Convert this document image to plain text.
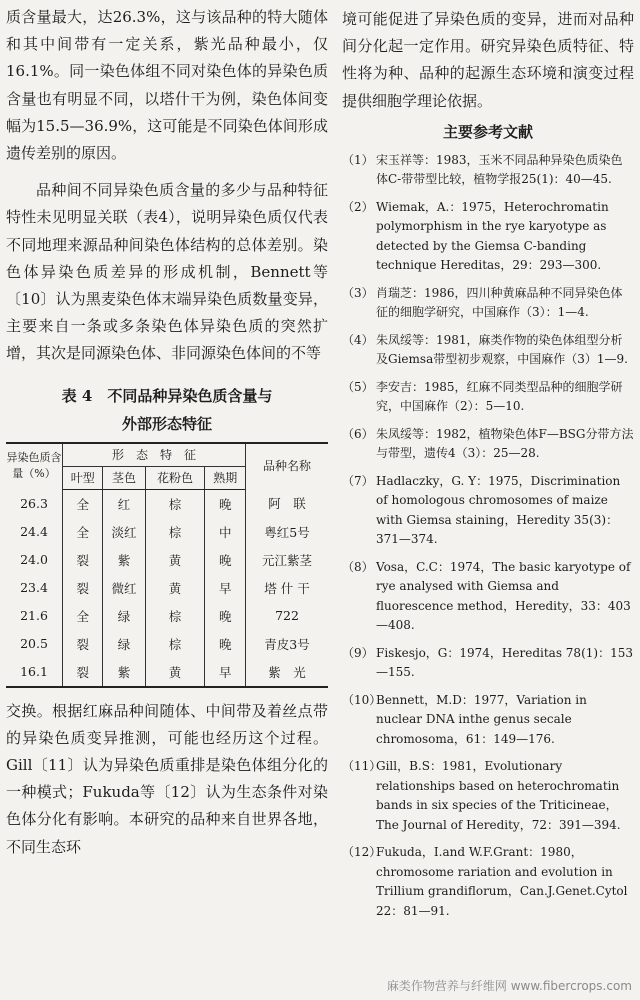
质含量最大，达26.3%，这与该品种的特大随体和其中间带有一定关系，紫光品种最小，仅16.1%。同一染色体组不同对染色体的异染色质含量也有明显不同，以塔什干为例，染色体间变幅为15.5—36.9%，这可能是不同染色体间形成遗传差别的原因。

品种间不同异染色质含量的多少与品种特征特性未见明显关联（表4），说明异染色质仅代表不同地理来源品种间染色体结构的总体差别。染色体异染色质差异的形成机制，Bennett等〔10〕认为黑麦染色体末端异染色质数量变异，主要来自一条或多条染色体异染色质的突然扩增，其次是同源染色体、非同源染色体间的不等

表 4　不同品种异染色质含量与
外部形态特征
异染色质含量（%）	形　态　特　征				品种名称
	叶型	茎色	花粉色	熟期	
26.3	全	红	棕	晚	阿　联
24.4	全	淡红	棕	中	粤红5号
24.0	裂	紫	黄	晚	元江紫茎
23.4	裂	微红	黄	早	塔 什 干
21.6	全	绿	棕	晚	722
20.5	裂	绿	棕	晚	青皮3号
16.1	裂	紫	黄	早	紫　光

交换。根据红麻品种间随体、中间带及着丝点带的异染色质变异推测，可能也经历这个过程。Gill〔11〕认为异染色质重排是染色体组分化的一种模式；Fukuda等〔12〕认为生态条件对染色体分化有影响。本研究的品种来自世界各地，不同生态环

境可能促进了异染色质的变异，进而对品种间分化起一定作用。研究异染色质特征、特性将为种、品种的起源生态环境和演变过程提供细胞学理论依据。

主要参考文献
（1） 宋玉祥等：1983，玉米不同品种异染色质染色体C-带带型比较，植物学报25(1)：40—45.
（2） Wiemak，A.：1975，Heterochromatin polymorphism in the rye karyotype as detected by the Giemsa C-banding technique Hereditas，29：293—300.
（3） 肖瑞芝：1986，四川种黄麻品种不同异染色体征的细胞学研究，中国麻作（3）：1—4.
（4） 朱凤绥等：1981，麻类作物的染色体组型分析及Giemsa带型初步观察，中国麻作（3）1—9.
（5） 李安吉：1985，红麻不同类型品种的细胞学研究，中国麻作（2）：5—10.
（6） 朱凤绥等：1982，植物染色体F—BSG分带方法与带型，遗传4（3）：25—28.
（7） Hadlaczky，G. Y：1975，Discrimination of homologous chromosomes of maize with Giemsa staining，Heredity 35(3)：371—374.
（8） Vosa，C.C：1974，The basic karyotype of rye analysed with Giemsa and fluorescence method，Heredity，33：403—408.
（9） Fiskesjo，G：1974，Hereditas 78(1)：153—155.
（10）
Bennett，M.D：1977，Variation in nuclear DNA inthe genus secale chromosoma，61：149—176.
（11）
Gill，B.S：1981，Evolutionary relationships based on heterochromatin bands in six species of the Triticineae，The Journal of Heredity，72：391—394.
（12）
Fukuda，I.and W.F.Grant：1980，chromosome rariation and evolution in Trillium grandiflorum，Can.J.Genet.Cytol 22：81—91.
麻类作物营养与纤维网 www.fibercrops.com
